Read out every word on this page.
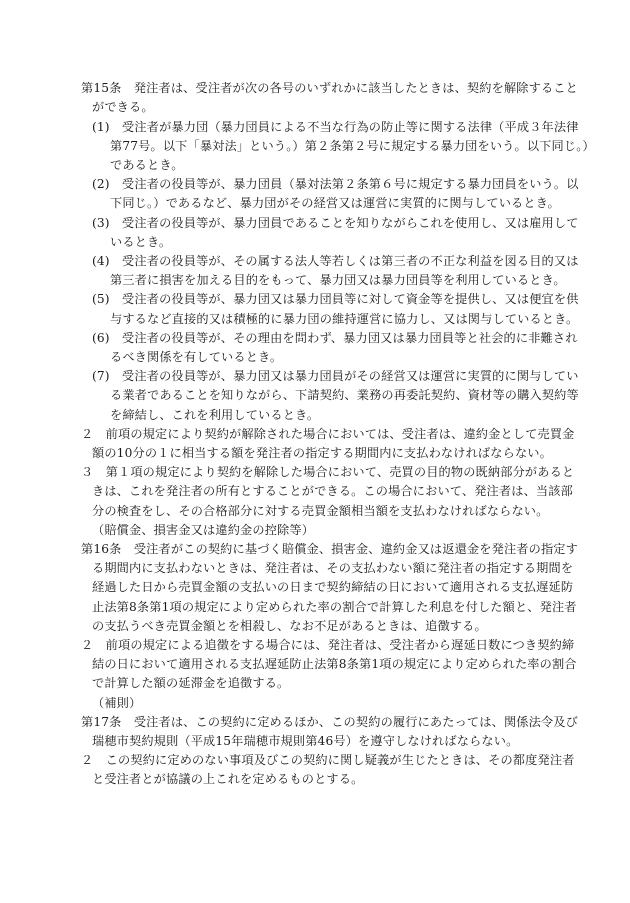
第15条　発注者は、受注者が次の各号のいずれかに該当したときは、契約を解除すること
ができる。
(1)　受注者が暴力団（暴力団員による不当な行為の防止等に関する法律（平成３年法律
第77号。以下「暴対法」という。）第２条第２号に規定する暴力団をいう。以下同じ。）
であるとき。
(2)　受注者の役員等が、暴力団員（暴対法第２条第６号に規定する暴力団員をいう。以
下同じ。）であるなど、暴力団がその経営又は運営に実質的に関与しているとき。
(3)　受注者の役員等が、暴力団員であることを知りながらこれを使用し、又は雇用して
いるとき。
(4)　受注者の役員等が、その属する法人等若しくは第三者の不正な利益を図る目的又は
第三者に損害を加える目的をもって、暴力団又は暴力団員等を利用しているとき。
(5)　受注者の役員等が、暴力団又は暴力団員等に対して資金等を提供し、又は便宜を供
与するなど直接的又は積極的に暴力団の維持運営に協力し、又は関与しているとき。
(6)　受注者の役員等が、その理由を問わず、暴力団又は暴力団員等と社会的に非難され
るべき関係を有しているとき。
(7)　受注者の役員等が、暴力団又は暴力団員がその経営又は運営に実質的に関与してい
る業者であることを知りながら、下請契約、業務の再委託契約、資材等の購入契約等
を締結し、これを利用しているとき。
２　前項の規定により契約が解除された場合においては、受注者は、違約金として売買金
額の10分の１に相当する額を発注者の指定する期間内に支払わなければならない。
３　第１項の規定により契約を解除した場合において、売買の目的物の既納部分があると
きは、これを発注者の所有とすることができる。この場合において、発注者は、当該部
分の検査をし、その合格部分に対する売買金額相当額を支払わなければならない。
（賠償金、損害金又は違約金の控除等）
第16条　受注者がこの契約に基づく賠償金、損害金、違約金又は返還金を発注者の指定す
る期間内に支払わないときは、発注者は、その支払わない額に発注者の指定する期間を
経過した日から売買金額の支払いの日まで契約締結の日において適用される支払遅延防
止法第8条第1項の規定により定められた率の割合で計算した利息を付した額と、発注者
の支払うべき売買金額とを相殺し、なお不足があるときは、追徴する。
２　前項の規定による追徴をする場合には、発注者は、受注者から遅延日数につき契約締
結の日において適用される支払遅延防止法第8条第1項の規定により定められた率の割合
で計算した額の延滞金を追徴する。
（補則）
第17条　受注者は、この契約に定めるほか、この契約の履行にあたっては、関係法令及び
瑞穂市契約規則（平成15年瑞穂市規則第46号）を遵守しなければならない。
２　この契約に定めのない事項及びこの契約に関し疑義が生じたときは、その都度発注者
と受注者とが協議の上これを定めるものとする。
